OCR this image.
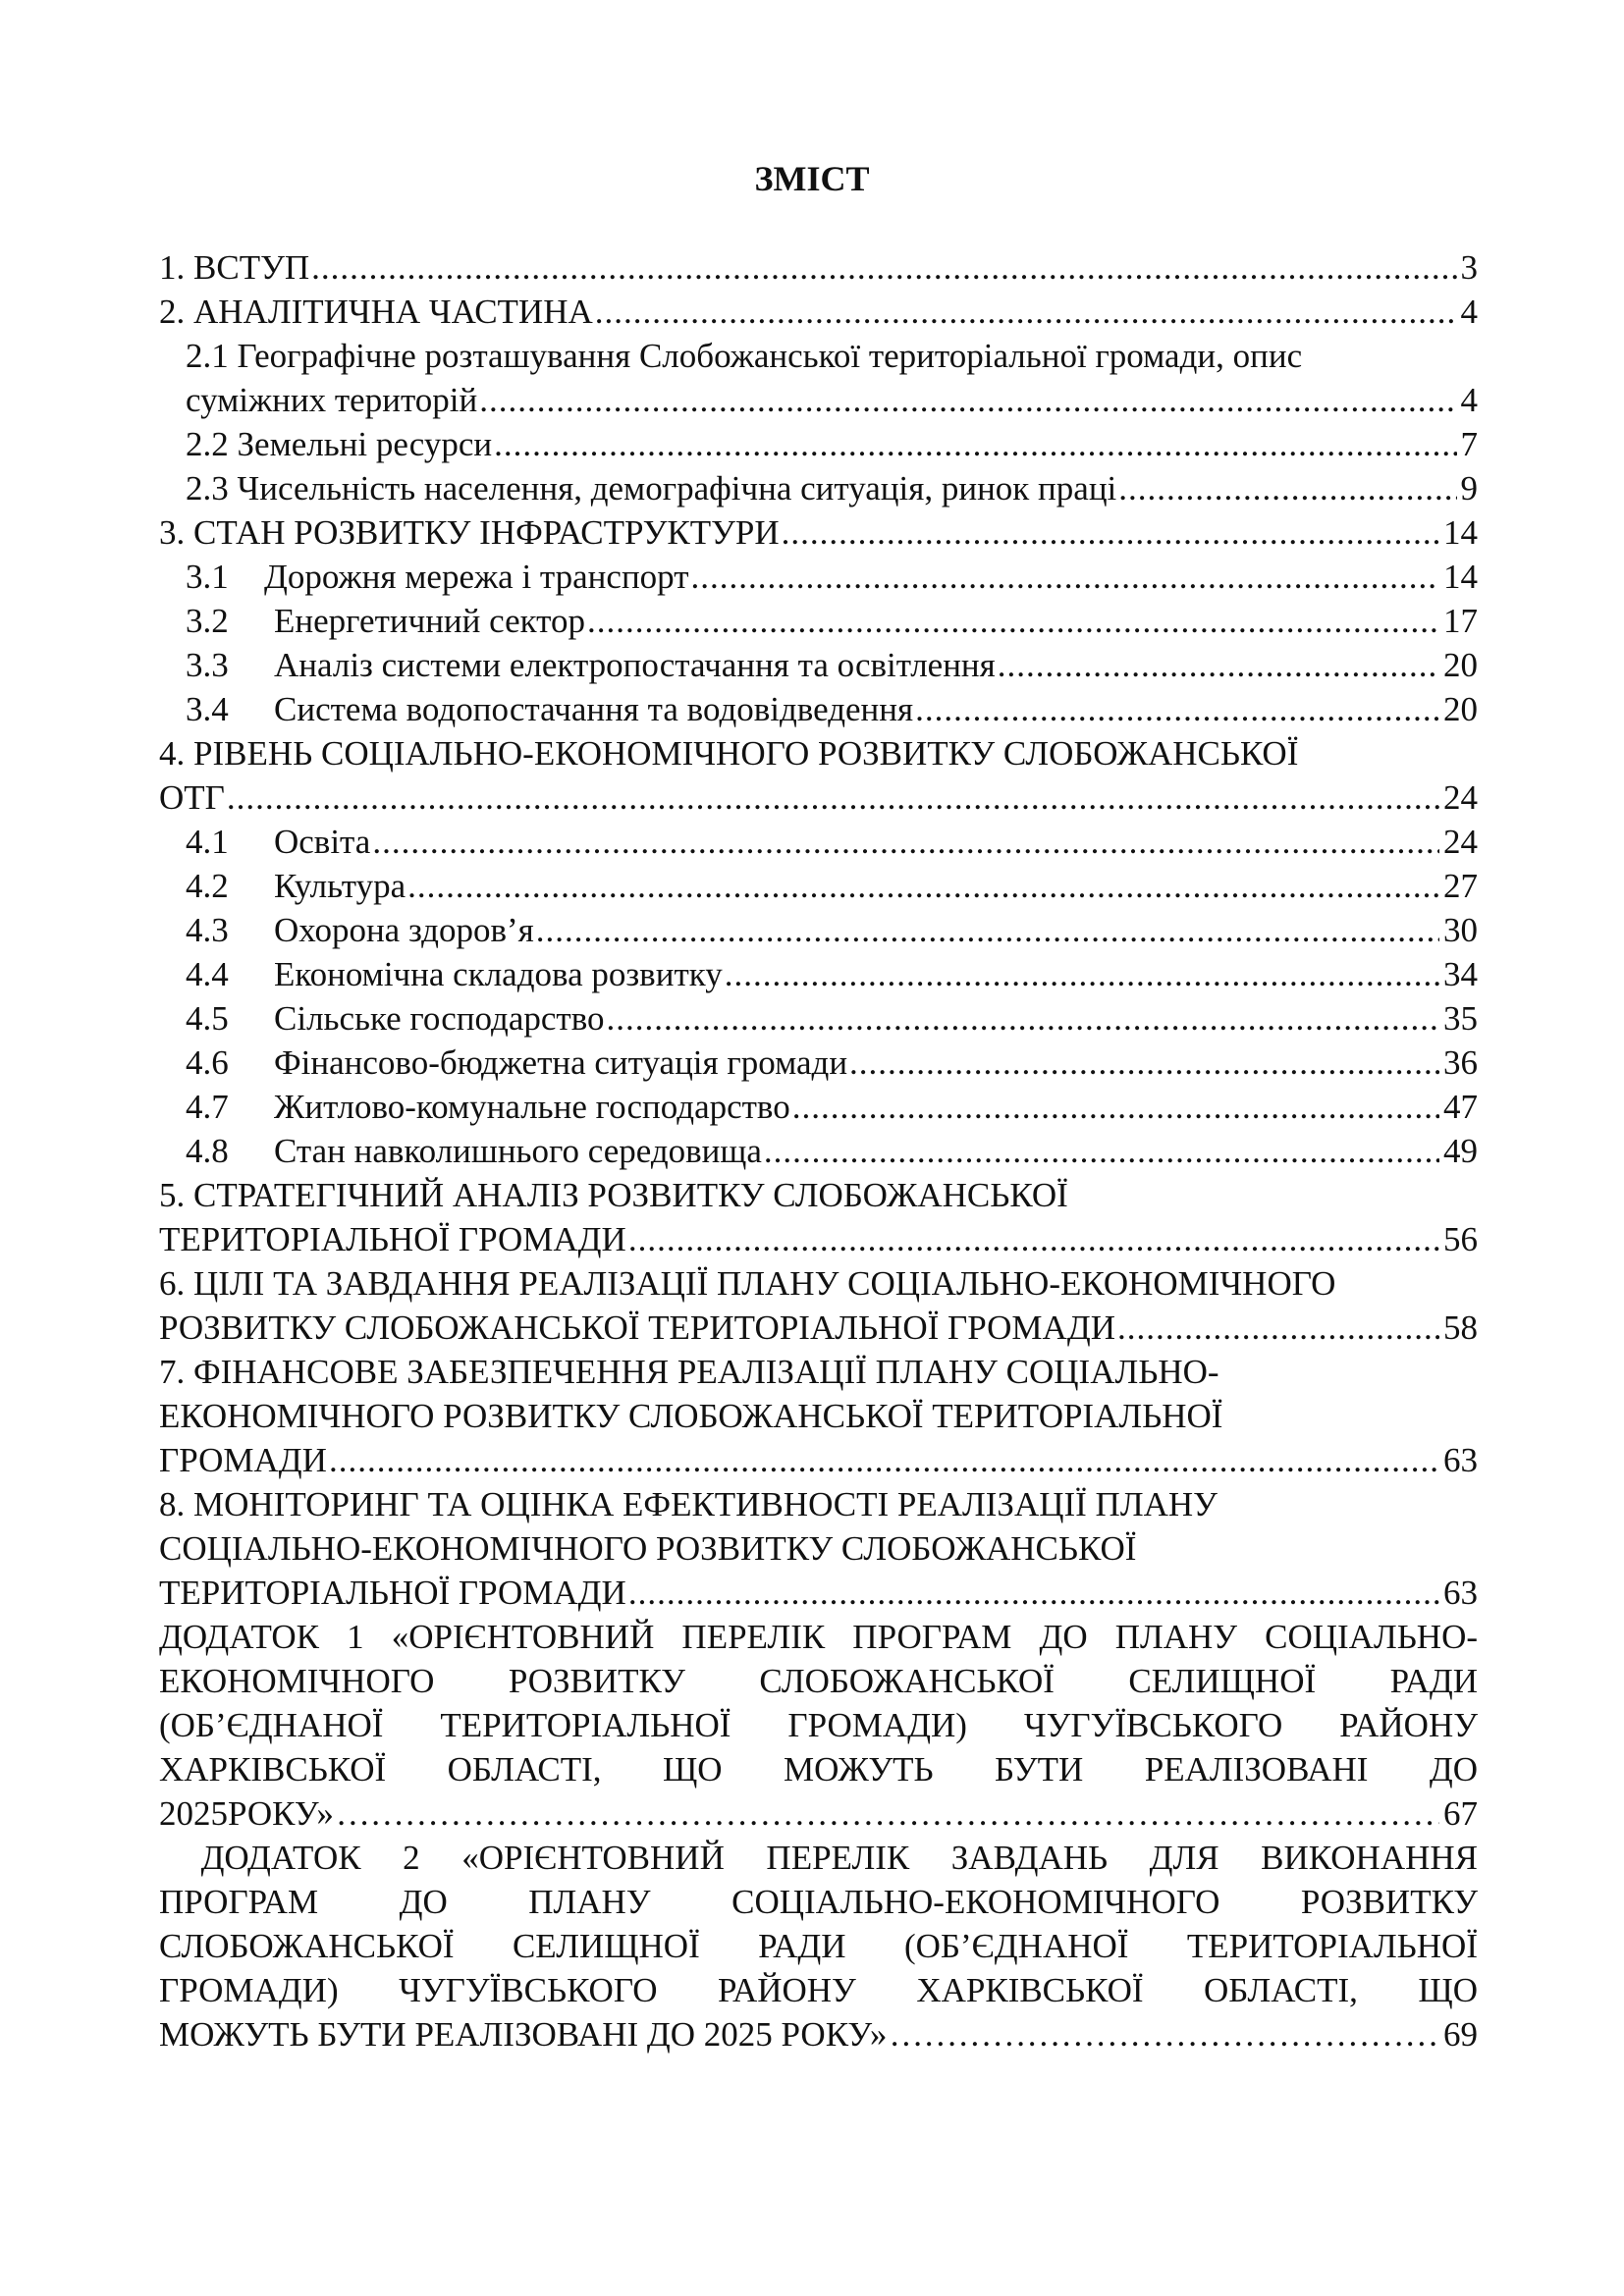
ЗМІСТ
1. ВСТУП .....	3
2. АНАЛІТИЧНА ЧАСТИНА .....	4
2.1 Географічне розташування Слобожанської територіальної громади, опис
суміжних територій .....	4
2.2 Земельні ресурси .....	7
2.3 Чисельність населення, демографічна ситуація, ринок праці .....	9
3. СТАН РОЗВИТКУ ІНФРАСТРУКТУРИ .....	14
3.1	Дорожня мережа і транспорт .....	14
3.2	Енергетичний сектор .....	17
3.3	Аналіз системи електропостачання та освітлення .....	20
3.4	Система водопостачання та водовідведення .....	20
4. РІВЕНЬ СОЦІАЛЬНО-ЕКОНОМІЧНОГО РОЗВИТКУ СЛОБОЖАНСЬКОЇ
ОТГ .....	24
4.1	Освіта .....	24
4.2	Культура .....	27
4.3	Охорона здоров’я .....	30
4.4	Економічна складова розвитку .....	34
4.5	Сільське господарство .....	35
4.6	Фінансово-бюджетна ситуація громади .....	36
4.7	Житлово-комунальне господарство .....	47
4.8	Стан навколишнього середовища .....	49
5. СТРАТЕГІЧНИЙ АНАЛІЗ РОЗВИТКУ СЛОБОЖАНСЬКОЇ
ТЕРИТОРІАЛЬНОЇ ГРОМАДИ .....	56
6. ЦІЛІ ТА ЗАВДАННЯ РЕАЛІЗАЦІЇ ПЛАНУ СОЦІАЛЬНО-ЕКОНОМІЧНОГО
РОЗВИТКУ СЛОБОЖАНСЬКОЇ ТЕРИТОРІАЛЬНОЇ ГРОМАДИ .....	58
7. ФІНАНСОВЕ ЗАБЕЗПЕЧЕННЯ РЕАЛІЗАЦІЇ ПЛАНУ СОЦІАЛЬНО-
ЕКОНОМІЧНОГО РОЗВИТКУ СЛОБОЖАНСЬКОЇ ТЕРИТОРІАЛЬНОЇ
ГРОМАДИ .....	63
8. МОНІТОРИНГ ТА ОЦІНКА ЕФЕКТИВНОСТІ РЕАЛІЗАЦІЇ ПЛАНУ
СОЦІАЛЬНО-ЕКОНОМІЧНОГО РОЗВИТКУ СЛОБОЖАНСЬКОЇ
ТЕРИТОРІАЛЬНОЇ ГРОМАДИ .....	63
ДОДАТОК 1 «ОРІЄНТОВНИЙ ПЕРЕЛІК ПРОГРАМ ДО ПЛАНУ СОЦІАЛЬНО-
ЕКОНОМІЧНОГО РОЗВИТКУ СЛОБОЖАНСЬКОЇ СЕЛИЩНОЇ РАДИ
(ОБ’ЄДНАНОЇ ТЕРИТОРІАЛЬНОЇ ГРОМАДИ) ЧУГУЇВСЬКОГО РАЙОНУ
ХАРКІВСЬКОЇ ОБЛАСТІ, ЩО МОЖУТЬ БУТИ РЕАЛІЗОВАНІ ДО
2025РОКУ» …………………………………………………………………………………………………………………………………………………………………………………………………	67
ДОДАТОК 2 «ОРІЄНТОВНИЙ ПЕРЕЛІК ЗАВДАНЬ ДЛЯ ВИКОНАННЯ
ПРОГРАМ ДО ПЛАНУ СОЦІАЛЬНО-ЕКОНОМІЧНОГО РОЗВИТКУ
СЛОБОЖАНСЬКОЇ СЕЛИЩНОЇ РАДИ (ОБ’ЄДНАНОЇ ТЕРИТОРІАЛЬНОЇ
ГРОМАДИ) ЧУГУЇВСЬКОГО РАЙОНУ ХАРКІВСЬКОЇ ОБЛАСТІ, ЩО
МОЖУТЬ БУТИ РЕАЛІЗОВАНІ ДО 2025 РОКУ» …………………………………………………………………………………………………………………………………………………………………………………………………	69
